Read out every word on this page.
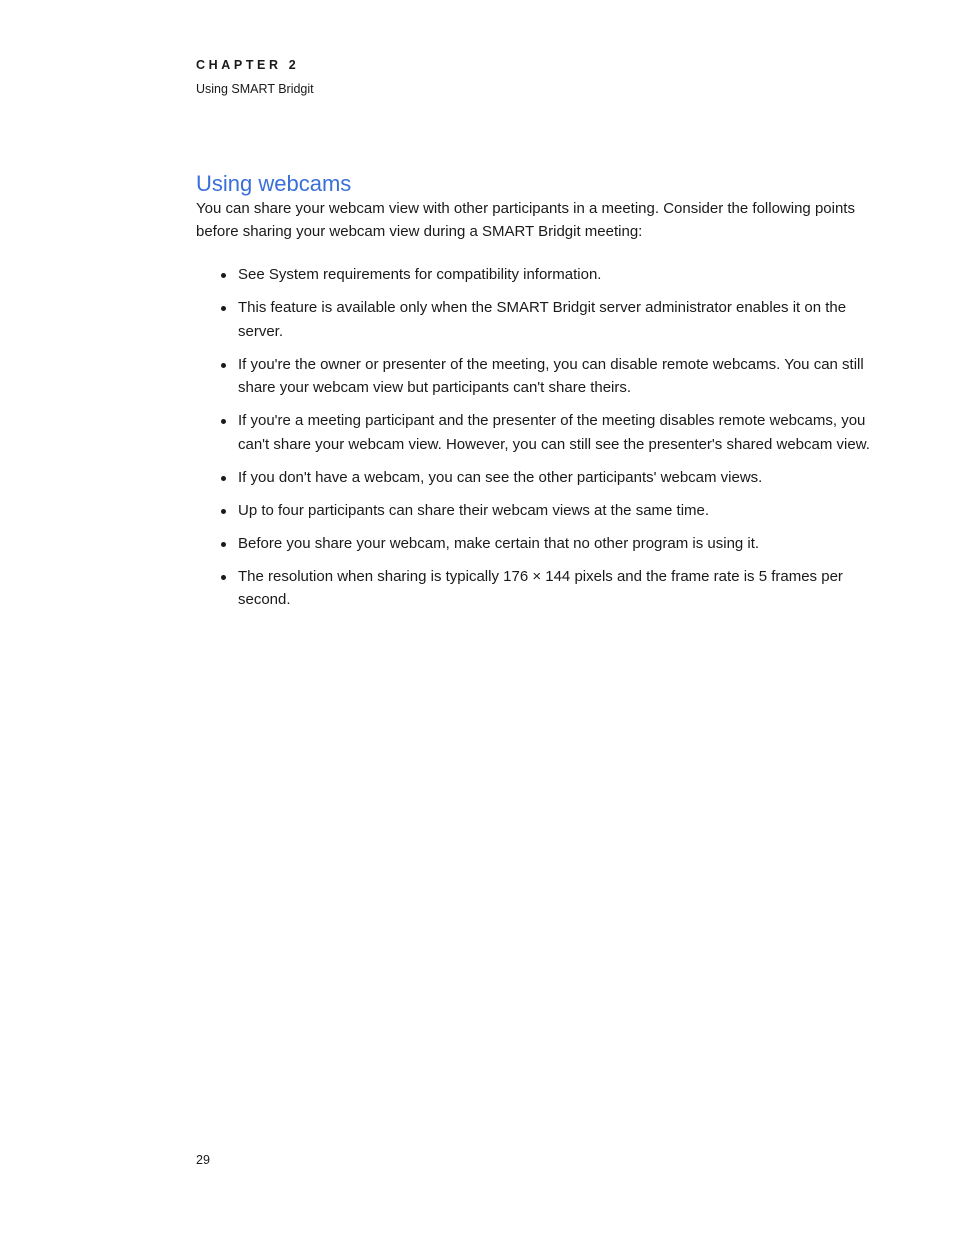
CHAPTER 2
Using SMART Bridgit
Using webcams

You can share your webcam view with other participants in a meeting. Consider the following points before sharing your webcam view during a SMART Bridgit meeting:

See System requirements for compatibility information.
This feature is available only when the SMART Bridgit server administrator enables it on the server.
If you're the owner or presenter of the meeting, you can disable remote webcams. You can still share your webcam view but participants can't share theirs.
If you're a meeting participant and the presenter of the meeting disables remote webcams, you can't share your webcam view. However, you can still see the presenter's shared webcam view.
If you don't have a webcam, you can see the other participants' webcam views.
Up to four participants can share their webcam views at the same time.
Before you share your webcam, make certain that no other program is using it.
The resolution when sharing is typically 176 × 144 pixels and the frame rate is 5 frames per second.
29
